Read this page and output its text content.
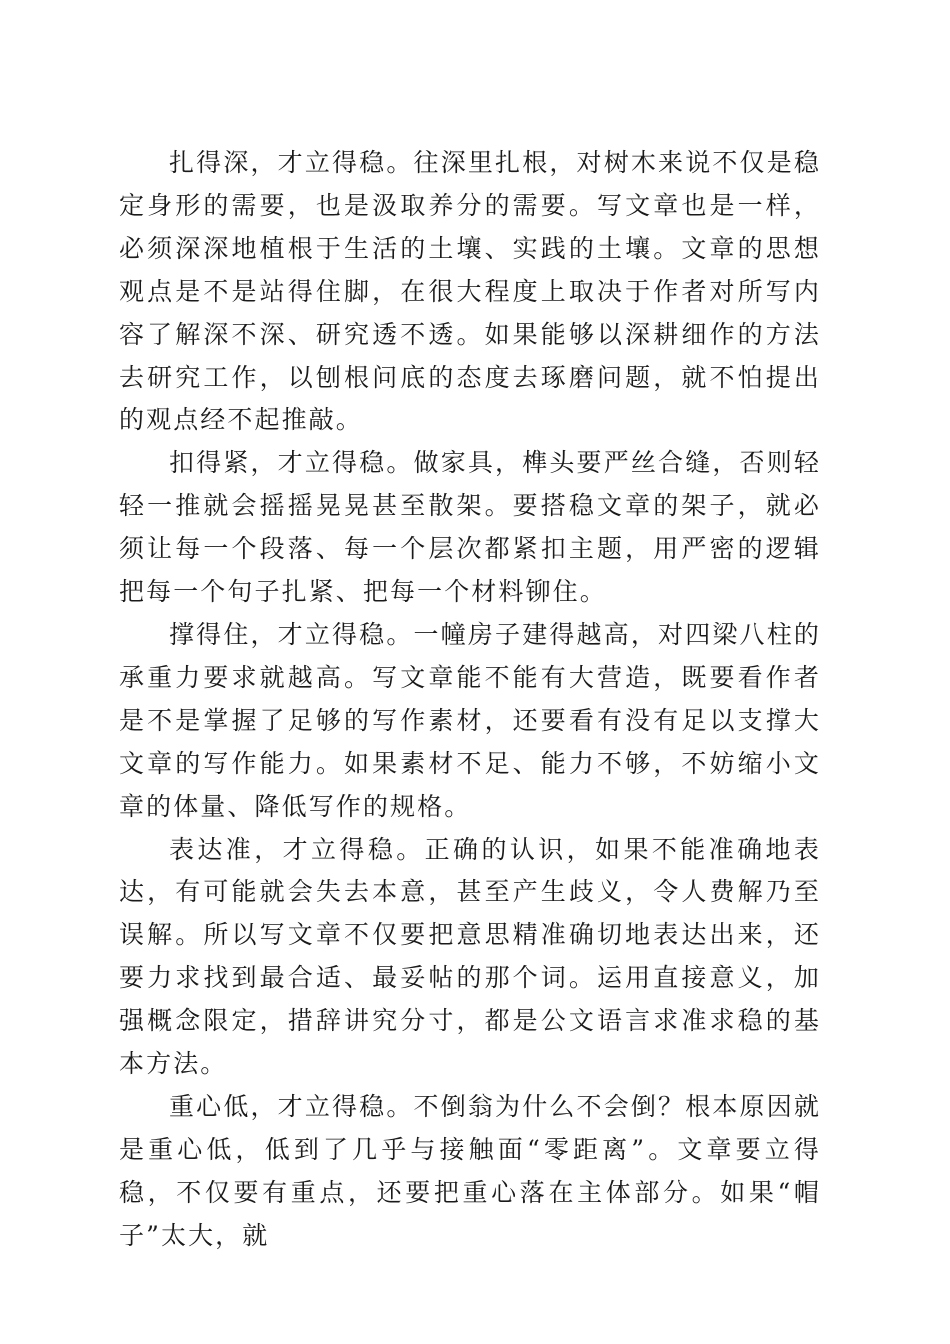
扎得深，才立得稳。往深里扎根，对树木来说不仅是稳定身形的需要，也是汲取养分的需要。写文章也是一样，必须深深地植根于生活的土壤、实践的土壤。文章的思想观点是不是站得住脚，在很大程度上取决于作者对所写内容了解深不深、研究透不透。如果能够以深耕细作的方法去研究工作，以刨根问底的态度去琢磨问题，就不怕提出的观点经不起推敲。

扣得紧，才立得稳。做家具，榫头要严丝合缝，否则轻轻一推就会摇摇晃晃甚至散架。要搭稳文章的架子，就必须让每一个段落、每一个层次都紧扣主题，用严密的逻辑把每一个句子扎紧、把每一个材料铆住。

撑得住，才立得稳。一幢房子建得越高，对四梁八柱的承重力要求就越高。写文章能不能有大营造，既要看作者是不是掌握了足够的写作素材，还要看有没有足以支撑大文章的写作能力。如果素材不足、能力不够，不妨缩小文章的体量、降低写作的规格。

表达准，才立得稳。正确的认识，如果不能准确地表达，有可能就会失去本意，甚至产生歧义，令人费解乃至误解。所以写文章不仅要把意思精准确切地表达出来，还要力求找到最合适、最妥帖的那个词。运用直接意义，加强概念限定，措辞讲究分寸，都是公文语言求准求稳的基本方法。

重心低，才立得稳。不倒翁为什么不会倒？根本原因就是重心低，低到了几乎与接触面“零距离”。文章要立得稳，不仅要有重点，还要把重心落在主体部分。如果“帽子”太大，就
